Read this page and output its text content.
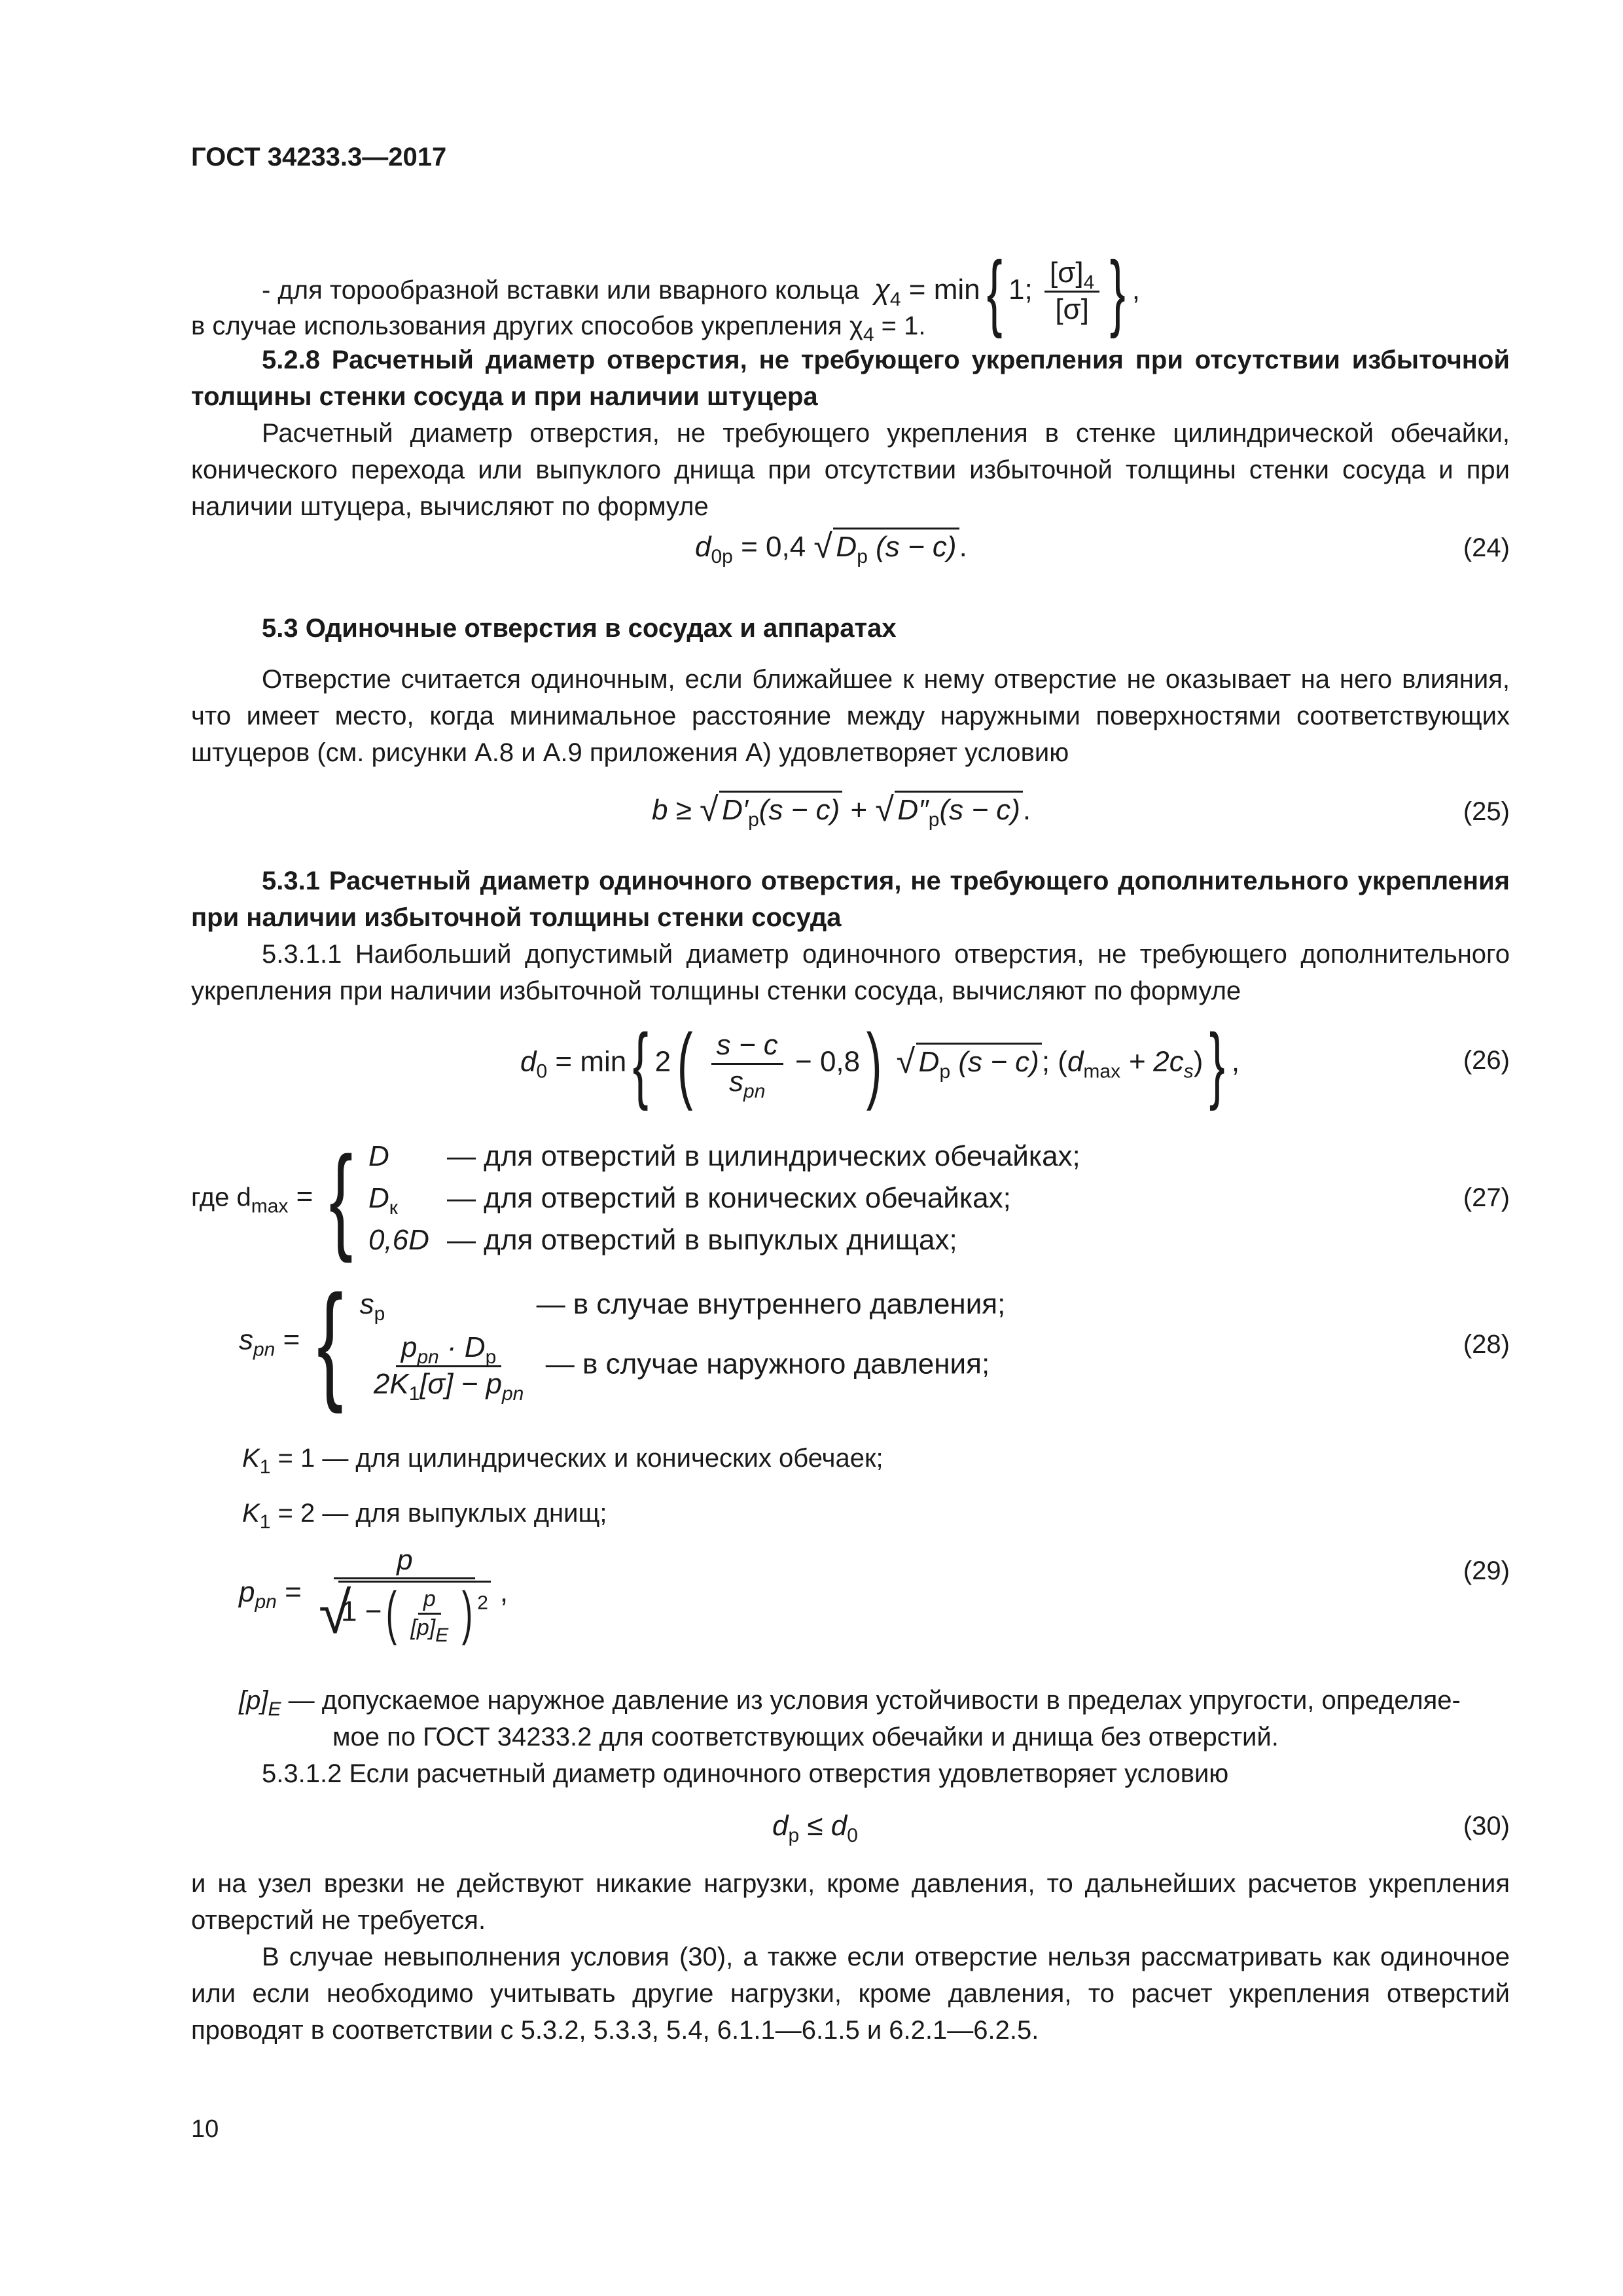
ГОСТ 34233.3—2017
- для торообразной вставки или вварного кольца $\chi_4 = \min${ 1; $\frac{[\sigma]_4}{[\sigma]}$ } ,
в случае использования других способов укрепления $\chi_4 = 1$.
5.2.8 Расчетный диаметр отверстия, не требующего укрепления при отсутствии избыточной толщины стенки сосуда и при наличии штуцера
Расчетный диаметр отверстия, не требующего укрепления в стенке цилиндрической обечайки, конического перехода или выпуклого днища при отсутствии избыточной толщины стенки сосуда и при наличии штуцера, вычисляют по формуле
$d_{0р} = 0,4$ √ $D_р$ (s − c).	(24)
5.3 Одиночные отверстия в сосудах и аппаратах
Отверстие считается одиночным, если ближайшее к нему отверстие не оказывает на него влияния, что имеет место, когда минимальное расстояние между наружными поверхностями соответствующих штуцеров (см. рисунки А.8 и А.9 приложения А) удовлетворяет условию
b ≥ √ $D'_р(s - c)$ + √ $D''_р(s - c)$.	(25)
5.3.1 Расчетный диаметр одиночного отверстия, не требующего дополнительного укрепления при наличии избыточной толщины стенки сосуда
5.3.1.1 Наибольший допустимый диаметр одиночного отверстия, не требующего дополнительного укрепления при наличии избыточной толщины стенки сосуда, вычисляют по формуле
$d_0 = \min${ $2( \frac{s - c}{s_{pn}} - 0,8)$ √ $D_р$ (s − c); $(d_{max} + 2c_s)$} ,	(26)
где $d_{max}$ = { D — для отверстий в цилиндрических обечайках;
$D_к$ — для отверстий в конических обечайках;
0,6D — для отверстий в выпуклых днищах;
(27)
$s_{pn}$ = { $s_р$	— в случае внутреннего давления;
$\frac{p_{pn} \cdot D_р}{2K_1[\sigma] - p_{pn}}$ — в случае наружного давления;
(28)
$K_1 = 1$ — для цилиндрических и конических обечаек;
$K_1 = 2$ — для выпуклых днищ;
$p_{pn} = p$
√
1 −( $\frac{p}{[p]_E}$ ) $^2$ ,
(29)
$[p]_E$ — допускаемое наружное давление из условия устойчивости в пределах упругости, определяе-
мое по ГОСТ 34233.2 для соответствующих обечайки и днища без отверстий.
5.3.1.2 Если расчетный диаметр одиночного отверстия удовлетворяет условию
$d_р \le d_0$	(30)
и на узел врезки не действуют никакие нагрузки, кроме давления, то дальнейших расчетов укрепления отверстий не требуется.
В случае невыполнения условия (30), а также если отверстие нельзя рассматривать как одиночное или если необходимо учитывать другие нагрузки, кроме давления, то расчет укрепления отверстий проводят в соответствии с 5.3.2, 5.3.3, 5.4, 6.1.1—6.1.5 и 6.2.1—6.2.5.
10
